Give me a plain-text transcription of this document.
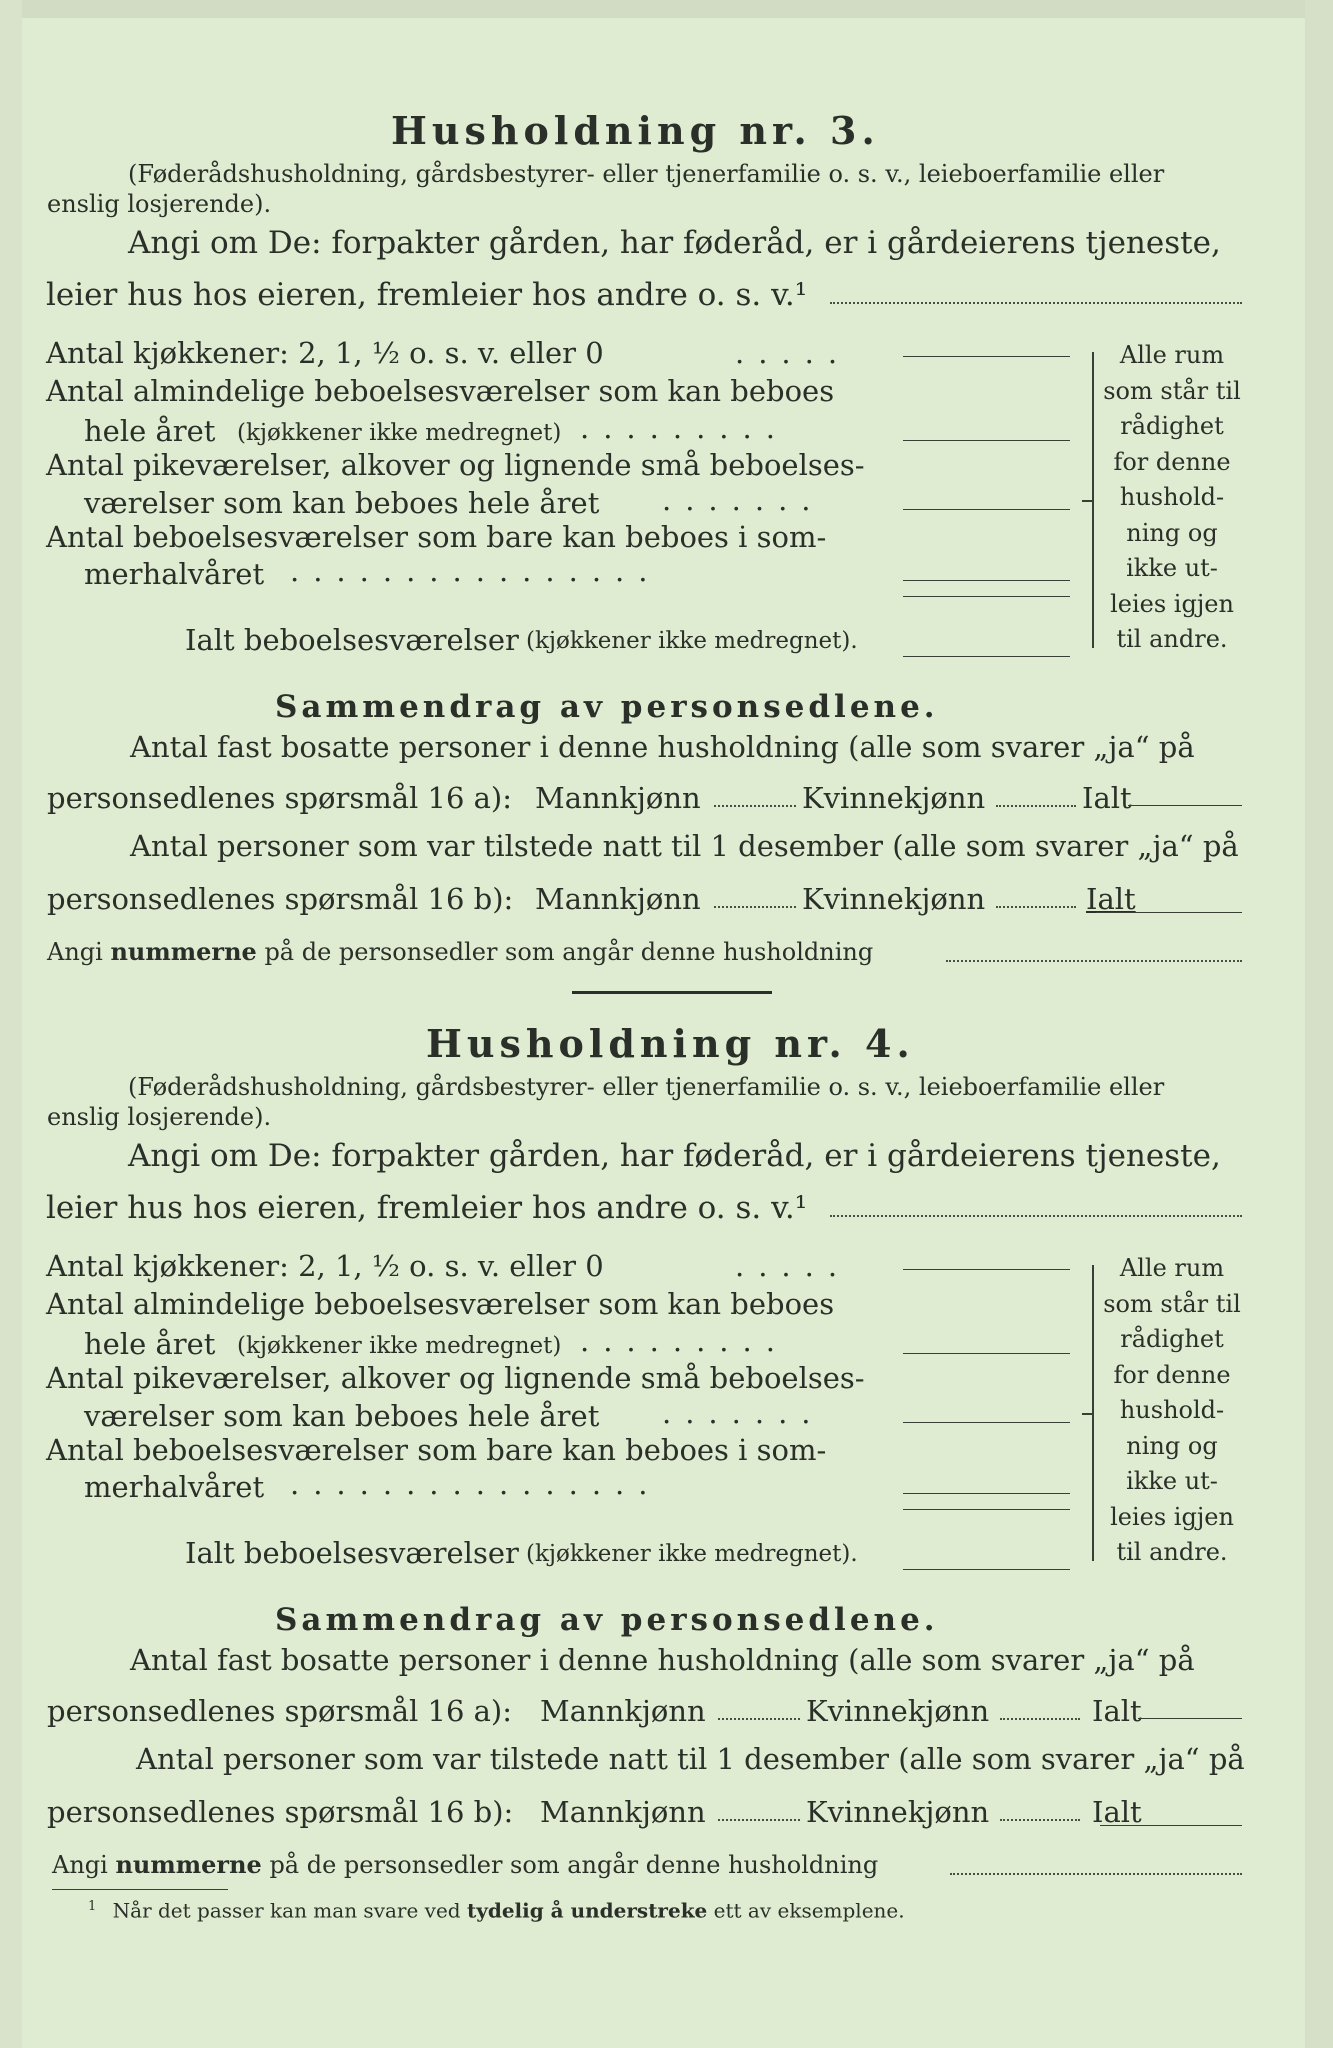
Husholdning nr. 3.
(Føderådshusholdning, gårdsbestyrer- eller tjenerfamilie o. s. v., leieboerfamilie eller
enslig losjerende).
Angi om De: forpakter gården, har føderåd, er i gårdeierens tjeneste,
leier hus hos eieren, fremleier hos andre o. s. v.¹
Antal kjøkkener: 2, 1, ½ o. s. v. eller 0	.....
Antal almindelige beboelsesværelser som kan beboes
hele året (kjøkkener ikke medregnet) .........
Antal pikeværelser, alkover og lignende små beboelses-
værelser som kan beboes hele året .......
Antal beboelsesværelser som bare kan beboes i som-
merhalvåret ................
Ialt beboelsesværelser (kjøkkener ikke medregnet).
Alle rum
som står til
rådighet
for denne
hushold-
ning og
ikke ut-
leies igjen
til andre.
Sammendrag av personsedlene.
Antal fast bosatte personer i denne husholdning (alle som svarer „ja“ på
personsedlenes spørsmål 16 a): Mannkjønn	Kvinnekjønn	Ialt
Antal personer som var tilstede natt til 1 desember (alle som svarer „ja“ på
personsedlenes spørsmål 16 b): Mannkjønn	Kvinnekjønn	Ialt
Angi nummerne på de personsedler som angår denne husholdning
Husholdning nr. 4.
(Føderådshusholdning, gårdsbestyrer- eller tjenerfamilie o. s. v., leieboerfamilie eller
enslig losjerende).
Angi om De: forpakter gården, har føderåd, er i gårdeierens tjeneste,
leier hus hos eieren, fremleier hos andre o. s. v.¹
Antal kjøkkener: 2, 1, ½ o. s. v. eller 0	.....
Antal almindelige beboelsesværelser som kan beboes
hele året (kjøkkener ikke medregnet) .........
Antal pikeværelser, alkover og lignende små beboelses-
værelser som kan beboes hele året .......
Antal beboelsesværelser som bare kan beboes i som-
merhalvåret ................
Ialt beboelsesværelser (kjøkkener ikke medregnet).
Alle rum
som står til
rådighet
for denne
hushold-
ning og
ikke ut-
leies igjen
til andre.
Sammendrag av personsedlene.
Antal fast bosatte personer i denne husholdning (alle som svarer „ja“ på
personsedlenes spørsmål 16 a): Mannkjønn	Kvinnekjønn	Ialt
Antal personer som var tilstede natt til 1 desember (alle som svarer „ja“ på
personsedlenes spørsmål 16 b): Mannkjønn	Kvinnekjønn	Ialt
Angi nummerne på de personsedler som angår denne husholdning
$^1$ Når det passer kan man svare ved tydelig å understreke ett av eksemplene.
